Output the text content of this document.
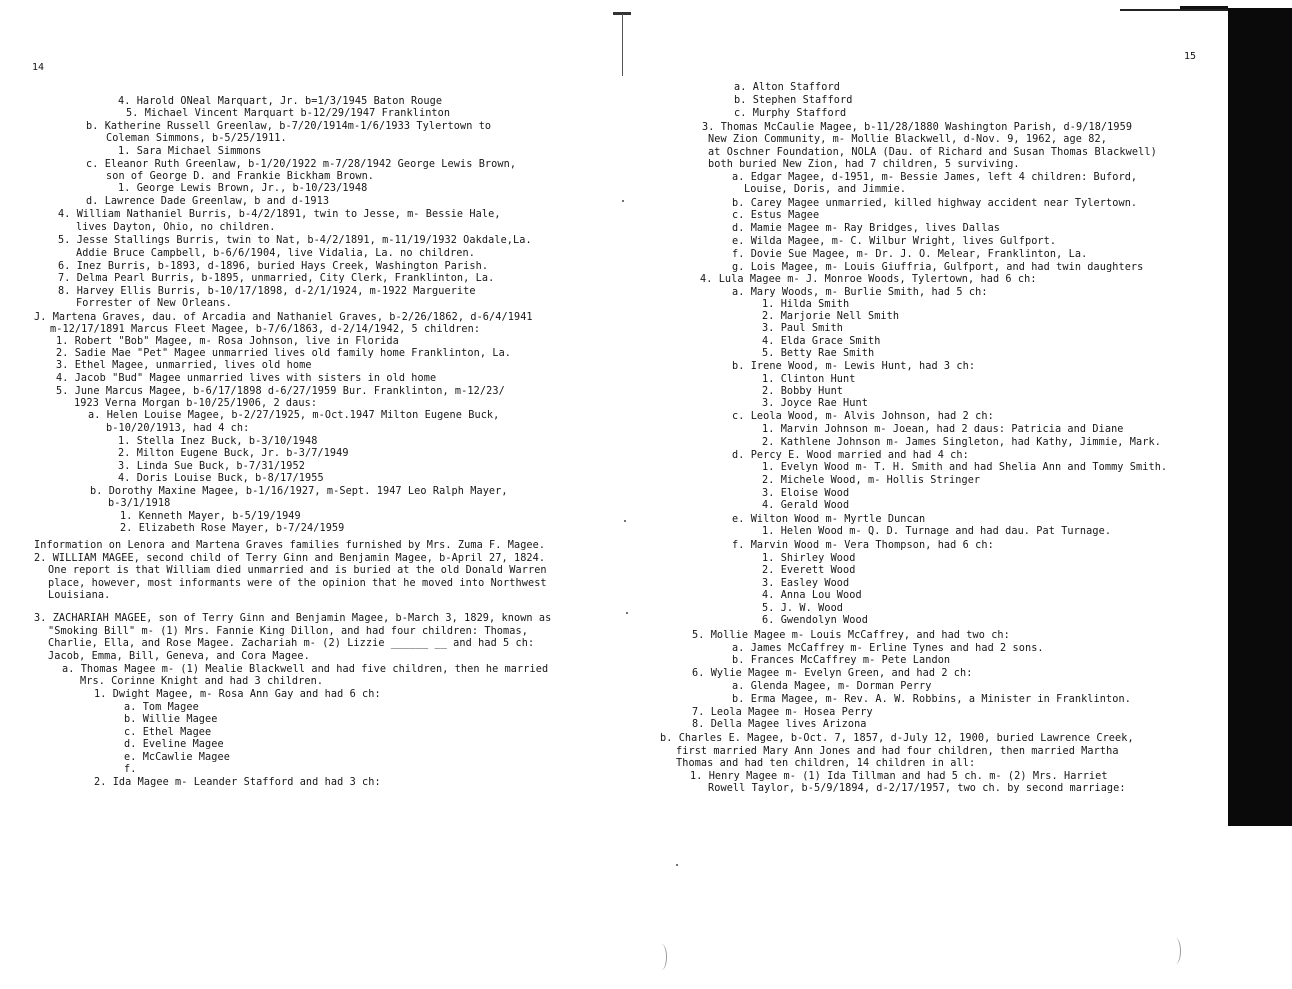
14
4. Harold ONeal Marquart, Jr. b=1/3/1945 Baton Rouge
5. Michael Vincent Marquart b-12/29/1947 Franklinton
b. Katherine Russell Greenlaw, b-7/20/1914m-1/6/1933 Tylertown to
Coleman Simmons, b-5/25/1911.
1. Sara Michael Simmons
c. Eleanor Ruth Greenlaw, b-1/20/1922 m-7/28/1942 George Lewis Brown,
son of George D. and Frankie Bickham Brown.
1. George Lewis Brown, Jr., b-10/23/1948
d. Lawrence Dade Greenlaw, b and d-1913
4. William Nathaniel Burris, b-4/2/1891, twin to Jesse, m- Bessie Hale,
lives Dayton, Ohio, no children.
5. Jesse Stallings Burris, twin to Nat, b-4/2/1891, m-11/19/1932 Oakdale,La.
Addie Bruce Campbell, b-6/6/1904, live Vidalia, La. no children.
6. Inez Burris, b-1893, d-1896, buried Hays Creek, Washington Parish.
7. Delma Pearl Burris, b-1895, unmarried, City Clerk, Franklinton, La.
8. Harvey Ellis Burris, b-10/17/1898, d-2/1/1924, m-1922 Marguerite
Forrester of New Orleans.
J. Martena Graves, dau. of Arcadia and Nathaniel Graves, b-2/26/1862, d-6/4/1941
m-12/17/1891 Marcus Fleet Magee, b-7/6/1863, d-2/14/1942, 5 children:
1. Robert "Bob" Magee, m- Rosa Johnson, live in Florida
2. Sadie Mae "Pet" Magee unmarried lives old family home Franklinton, La.
3. Ethel Magee, unmarried, lives old home
4. Jacob "Bud" Magee unmarried lives with sisters in old home
5. June Marcus Magee, b-6/17/1898 d-6/27/1959 Bur. Franklinton, m-12/23/
1923 Verna Morgan b-10/25/1906, 2 daus:
a. Helen Louise Magee, b-2/27/1925, m-Oct.1947 Milton Eugene Buck,
b-10/20/1913, had 4 ch:
1. Stella Inez Buck, b-3/10/1948
2. Milton Eugene Buck, Jr. b-3/7/1949
3. Linda Sue Buck, b-7/31/1952
4. Doris Louise Buck, b-8/17/1955
b. Dorothy Maxine Magee, b-1/16/1927, m-Sept. 1947 Leo Ralph Mayer,
b-3/1/1918
1. Kenneth Mayer, b-5/19/1949
2. Elizabeth Rose Mayer, b-7/24/1959
Information on Lenora and Martena Graves families furnished by Mrs. Zuma F. Magee.
2. WILLIAM MAGEE, second child of Terry Ginn and Benjamin Magee, b-April 27, 1824.
One report is that William died unmarried and is buried at the old Donald Warren
place, however, most informants were of the opinion that he moved into Northwest
Louisiana.
3. ZACHARIAH MAGEE, son of Terry Ginn and Benjamin Magee, b-March 3, 1829, known as
"Smoking Bill" m- (1) Mrs. Fannie King Dillon, and had four children: Thomas,
Charlie, Ella, and Rose Magee. Zachariah m- (2) Lizzie ______ __ and had 5 ch:
Jacob, Emma, Bill, Geneva, and Cora Magee.
a. Thomas Magee m- (1) Mealie Blackwell and had five children, then he married
Mrs. Corinne Knight and had 3 children.
1. Dwight Magee, m- Rosa Ann Gay and had 6 ch:
a. Tom Magee
b. Willie Magee
c. Ethel Magee
d. Eveline Magee
e. McCawlie Magee
f.
2. Ida Magee m- Leander Stafford and had 3 ch:
15
a. Alton Stafford
b. Stephen Stafford
c. Murphy Stafford
3. Thomas McCaulie Magee, b-11/28/1880 Washington Parish, d-9/18/1959
New Zion Community, m- Mollie Blackwell, d-Nov. 9, 1962, age 82,
at Oschner Foundation, NOLA (Dau. of Richard and Susan Thomas Blackwell)
both buried New Zion, had 7 children, 5 surviving.
a. Edgar Magee, d-1951, m- Bessie James, left 4 children: Buford,
Louise, Doris, and Jimmie.
b. Carey Magee unmarried, killed highway accident near Tylertown.
c. Estus Magee
d. Mamie Magee m- Ray Bridges, lives Dallas
e. Wilda Magee, m- C. Wilbur Wright, lives Gulfport.
f. Dovie Sue Magee, m- Dr. J. O. Melear, Franklinton, La.
g. Lois Magee, m- Louis Giuffria, Gulfport, and had twin daughters
4. Lula Magee m- J. Monroe Woods, Tylertown, had 6 ch:
a. Mary Woods, m- Burlie Smith, had 5 ch:
1. Hilda Smith
2. Marjorie Nell Smith
3. Paul Smith
4. Elda Grace Smith
5. Betty Rae Smith
b. Irene Wood, m- Lewis Hunt, had 3 ch:
1. Clinton Hunt
2. Bobby Hunt
3. Joyce Rae Hunt
c. Leola Wood, m- Alvis Johnson, had 2 ch:
1. Marvin Johnson m- Joean, had 2 daus: Patricia and Diane
2. Kathlene Johnson m- James Singleton, had Kathy, Jimmie, Mark.
d. Percy E. Wood married and had 4 ch:
1. Evelyn Wood m- T. H. Smith and had Shelia Ann and Tommy Smith.
2. Michele Wood, m- Hollis Stringer
3. Eloise Wood
4. Gerald Wood
e. Wilton Wood m- Myrtle Duncan
1. Helen Wood m- Q. D. Turnage and had dau. Pat Turnage.
f. Marvin Wood m- Vera Thompson, had 6 ch:
1. Shirley Wood
2. Everett Wood
3. Easley Wood
4. Anna Lou Wood
5. J. W. Wood
6. Gwendolyn Wood
5. Mollie Magee m- Louis McCaffrey, and had two ch:
a. James McCaffrey m- Erline Tynes and had 2 sons.
b. Frances McCaffrey m- Pete Landon
6. Wylie Magee m- Evelyn Green, and had 2 ch:
a. Glenda Magee, m- Dorman Perry
b. Erma Magee, m- Rev. A. W. Robbins, a Minister in Franklinton.
7. Leola Magee m- Hosea Perry
8. Della Magee lives Arizona
b. Charles E. Magee, b-Oct. 7, 1857, d-July 12, 1900, buried Lawrence Creek,
first married Mary Ann Jones and had four children, then married Martha
Thomas and had ten children, 14 children in all:
1. Henry Magee m- (1) Ida Tillman and had 5 ch. m- (2) Mrs. Harriet
Rowell Taylor, b-5/9/1894, d-2/17/1957, two ch. by second marriage:
